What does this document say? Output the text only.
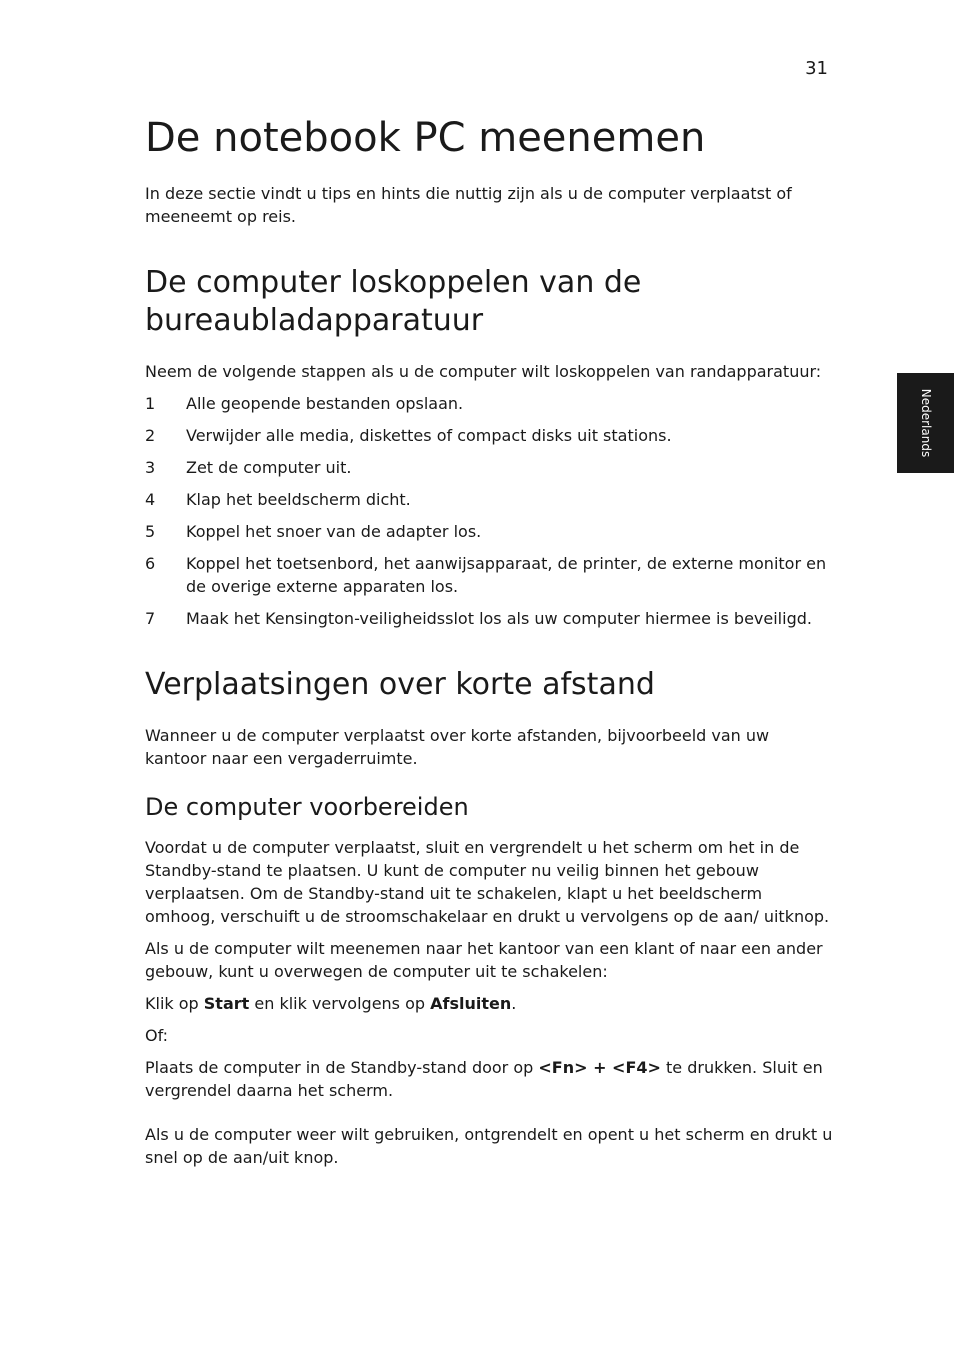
31
Nederlands
De notebook PC meenemen

In deze sectie vindt u tips en hints die nuttig zijn als u de computer verplaatst of meeneemt op reis.

De computer loskoppelen van de bureaubladapparatuur

Neem de volgende stappen als u de computer wilt loskoppelen van randapparatuur:

1	Alle geopende bestanden opslaan.
2	Verwijder alle media, diskettes of compact disks uit stations.
3	Zet de computer uit.
4	Klap het beeldscherm dicht.
5	Koppel het snoer van de adapter los.
6	Koppel het toetsenbord, het aanwijsapparaat, de printer, de externe monitor en de overige externe apparaten los.
7	Maak het Kensington-veiligheidsslot los als uw computer hiermee is beveiligd.
Verplaatsingen over korte afstand

Wanneer u de computer verplaatst over korte afstanden, bijvoorbeeld van uw kantoor naar een vergaderruimte.

De computer voorbereiden

Voordat u de computer verplaatst, sluit en vergrendelt u het scherm om het in de Standby-stand te plaatsen. U kunt de computer nu veilig binnen het gebouw verplaatsen. Om de Standby-stand uit te schakelen, klapt u het beeldscherm omhoog, verschuift u de stroomschakelaar en drukt u vervolgens op de aan/ uitknop.

Als u de computer wilt meenemen naar het kantoor van een klant of naar een ander gebouw, kunt u overwegen de computer uit te schakelen:

Klik op Start en klik vervolgens op Afsluiten.

Of:

Plaats de computer in de Standby-stand door op <Fn> + <F4> te drukken. Sluit en vergrendel daarna het scherm.

Als u de computer weer wilt gebruiken, ontgrendelt en opent u het scherm en drukt u snel op de aan/uit knop.
